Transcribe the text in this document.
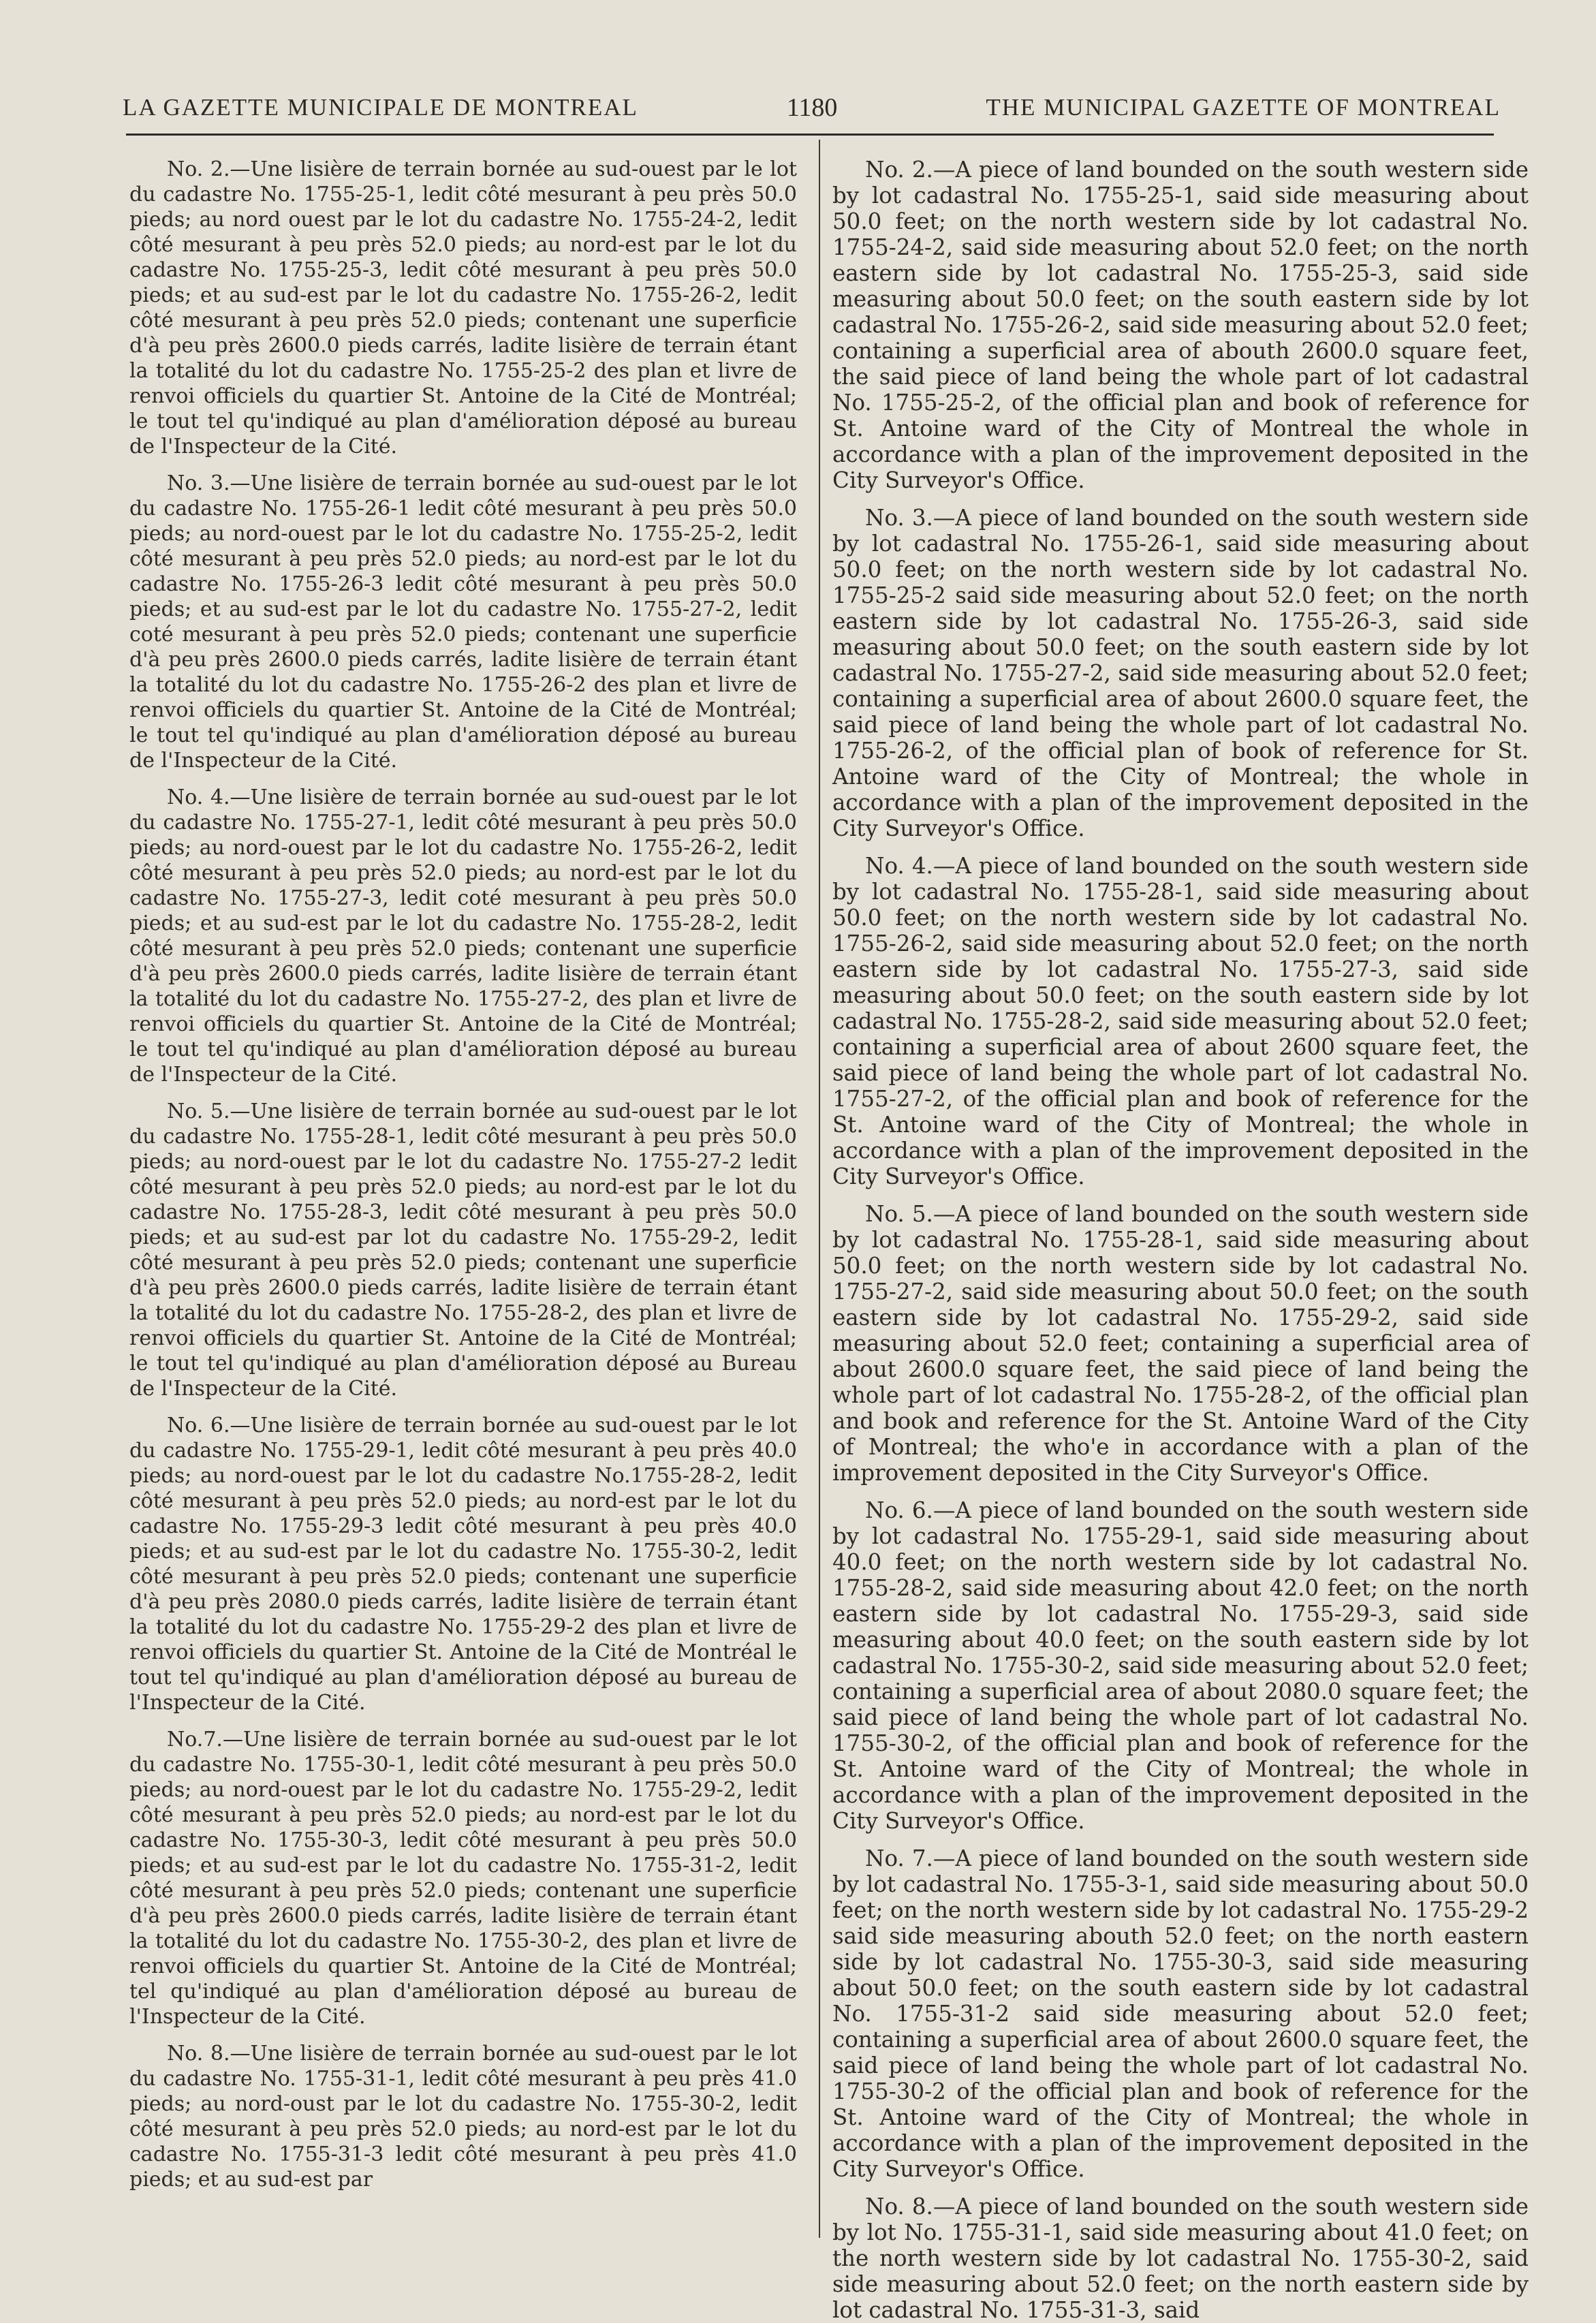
LA GAZETTE MUNICIPALE DE MONTREAL	1180	THE MUNICIPAL GAZETTE OF MONTREAL

No. 2.—Une lisière de terrain bornée au sud-ouest par le lot du cadastre No. 1755-25-1, ledit côté mesurant à peu près 50.0 pieds; au nord ouest par le lot du cadastre No. 1755-24-2, ledit côté mesurant à peu près 52.0 pieds; au nord-est par le lot du cadastre No. 1755-25-3, ledit côté mesurant à peu près 50.0 pieds; et au sud-est par le lot du cadastre No. 1755-26-2, ledit côté mesurant à peu près 52.0 pieds; contenant une superficie d'à peu près 2600.0 pieds carrés, ladite lisière de terrain étant la totalité du lot du cadastre No. 1755-25-2 des plan et livre de renvoi officiels du quartier St. Antoine de la Cité de Montréal; le tout tel qu'indiqué au plan d'amélioration déposé au bureau de l'Inspecteur de la Cité.

No. 3.—Une lisière de terrain bornée au sud-ouest par le lot du cadastre No. 1755-26-1 ledit côté mesurant à peu près 50.0 pieds; au nord-ouest par le lot du cadastre No. 1755-25-2, ledit côté mesurant à peu près 52.0 pieds; au nord-est par le lot du cadastre No. 1755-26-3 ledit côté mesurant à peu près 50.0 pieds; et au sud-est par le lot du cadastre No. 1755-27-2, ledit coté mesurant à peu près 52.0 pieds; contenant une superficie d'à peu près 2600.0 pieds carrés, ladite lisière de terrain étant la totalité du lot du cadastre No. 1755-26-2 des plan et livre de renvoi officiels du quartier St. Antoine de la Cité de Montréal; le tout tel qu'indiqué au plan d'amélioration déposé au bureau de l'Inspecteur de la Cité.

No. 4.—Une lisière de terrain bornée au sud-ouest par le lot du cadastre No. 1755-27-1, ledit côté mesurant à peu près 50.0 pieds; au nord-ouest par le lot du cadastre No. 1755-26-2, ledit côté mesurant à peu près 52.0 pieds; au nord-est par le lot du cadastre No. 1755-27-3, ledit coté mesurant à peu près 50.0 pieds; et au sud-est par le lot du cadastre No. 1755-28-2, ledit côté mesurant à peu près 52.0 pieds; contenant une superficie d'à peu près 2600.0 pieds carrés, ladite lisière de terrain étant la totalité du lot du cadastre No. 1755-27-2, des plan et livre de renvoi officiels du quartier St. Antoine de la Cité de Montréal; le tout tel qu'indiqué au plan d'amélioration déposé au bureau de l'Inspecteur de la Cité.

No. 5.—Une lisière de terrain bornée au sud-ouest par le lot du cadastre No. 1755-28-1, ledit côté mesurant à peu près 50.0 pieds; au nord-ouest par le lot du cadastre No. 1755-27-2 ledit côté mesurant à peu près 52.0 pieds; au nord-est par le lot du cadastre No. 1755-28-3, ledit côté mesurant à peu près 50.0 pieds; et au sud-est par lot du cadastre No. 1755-29-2, ledit côté mesurant à peu près 52.0 pieds; contenant une superficie d'à peu près 2600.0 pieds carrés, ladite lisière de terrain étant la totalité du lot du cadastre No. 1755-28-2, des plan et livre de renvoi officiels du quartier St. Antoine de la Cité de Montréal; le tout tel qu'indiqué au plan d'amélioration déposé au Bureau de l'Inspecteur de la Cité.

No. 6.—Une lisière de terrain bornée au sud-ouest par le lot du cadastre No. 1755-29-1, ledit côté mesurant à peu près 40.0 pieds; au nord-ouest par le lot du cadastre No.1755-28-2, ledit côté mesurant à peu près 52.0 pieds; au nord-est par le lot du cadastre No. 1755-29-3 ledit côté mesurant à peu près 40.0 pieds; et au sud-est par le lot du cadastre No. 1755-30-2, ledit côté mesurant à peu près 52.0 pieds; contenant une superficie d'à peu près 2080.0 pieds carrés, ladite lisière de terrain étant la totalité du lot du cadastre No. 1755-29-2 des plan et livre de renvoi officiels du quartier St. Antoine de la Cité de Montréal le tout tel qu'indiqué au plan d'amélioration déposé au bureau de l'Inspecteur de la Cité.

No.7.—Une lisière de terrain bornée au sud-ouest par le lot du cadastre No. 1755-30-1, ledit côté mesurant à peu près 50.0 pieds; au nord-ouest par le lot du cadastre No. 1755-29-2, ledit côté mesurant à peu près 52.0 pieds; au nord-est par le lot du cadastre No. 1755-30-3, ledit côté mesurant à peu près 50.0 pieds; et au sud-est par le lot du cadastre No. 1755-31-2, ledit côté mesurant à peu près 52.0 pieds; contenant une superficie d'à peu près 2600.0 pieds carrés, ladite lisière de terrain étant la totalité du lot du cadastre No. 1755-30-2, des plan et livre de renvoi officiels du quartier St. Antoine de la Cité de Montréal; tel qu'indiqué au plan d'amélioration déposé au bureau de l'Inspecteur de la Cité.

No. 8.—Une lisière de terrain bornée au sud-ouest par le lot du cadastre No. 1755-31-1, ledit côté mesurant à peu près 41.0 pieds; au nord-oust par le lot du cadastre No. 1755-30-2, ledit côté mesurant à peu près 52.0 pieds; au nord-est par le lot du cadastre No. 1755-31-3 ledit côté mesurant à peu près 41.0 pieds; et au sud-est par

No. 2.—A piece of land bounded on the south western side by lot cadastral No. 1755-25-1, said side measuring about 50.0 feet; on the north western side by lot cadastral No. 1755-24-2, said side measuring about 52.0 feet; on the north eastern side by lot cadastral No. 1755-25-3, said side measuring about 50.0 feet; on the south eastern side by lot cadastral No. 1755-26-2, said side measuring about 52.0 feet; containing a superficial area of abouth 2600.0 square feet, the said piece of land being the whole part of lot cadastral No. 1755-25-2, of the official plan and book of reference for St. Antoine ward of the City of Montreal the whole in accordance with a plan of the improvement deposited in the City Surveyor's Office.

No. 3.—A piece of land bounded on the south western side by lot cadastral No. 1755-26-1, said side measuring about 50.0 feet; on the north western side by lot cadastral No. 1755-25-2 said side measuring about 52.0 feet; on the north eastern side by lot cadastral No. 1755-26-3, said side measuring about 50.0 feet; on the south eastern side by lot cadastral No. 1755-27-2, said side measuring about 52.0 feet; containing a superficial area of about 2600.0 square feet, the said piece of land being the whole part of lot cadastral No. 1755-26-2, of the official plan of book of reference for St. Antoine ward of the City of Montreal; the whole in accordance with a plan of the improvement deposited in the City Surveyor's Office.

No. 4.—A piece of land bounded on the south western side by lot cadastral No. 1755-28-1, said side measuring about 50.0 feet; on the north western side by lot cadastral No. 1755-26-2, said side measuring about 52.0 feet; on the north eastern side by lot cadastral No. 1755-27-3, said side measuring about 50.0 feet; on the south eastern side by lot cadastral No. 1755-28-2, said side measuring about 52.0 feet; containing a superficial area of about 2600 square feet, the said piece of land being the whole part of lot cadastral No. 1755-27-2, of the official plan and book of reference for the St. Antoine ward of the City of Montreal; the whole in accordance with a plan of the improvement deposited in the City Surveyor's Office.

No. 5.—A piece of land bounded on the south western side by lot cadastral No. 1755-28-1, said side measuring about 50.0 feet; on the north western side by lot cadastral No. 1755-27-2, said side measuring about 50.0 feet; on the south eastern side by lot cadastral No. 1755-29-2, said side measuring about 52.0 feet; containing a superficial area of about 2600.0 square feet, the said piece of land being the whole part of lot cadastral No. 1755-28-2, of the official plan and book and reference for the St. Antoine Ward of the City of Montreal; the who'e in accordance with a plan of the improvement deposited in the City Surveyor's Office.

No. 6.—A piece of land bounded on the south western side by lot cadastral No. 1755-29-1, said side measuring about 40.0 feet; on the north western side by lot cadastral No. 1755-28-2, said side measuring about 42.0 feet; on the north eastern side by lot cadastral No. 1755-29-3, said side measuring about 40.0 feet; on the south eastern side by lot cadastral No. 1755-30-2, said side measuring about 52.0 feet; containing a superficial area of about 2080.0 square feet; the said piece of land being the whole part of lot cadastral No. 1755-30-2, of the official plan and book of reference for the St. Antoine ward of the City of Montreal; the whole in accordance with a plan of the improvement deposited in the City Surveyor's Office.

No. 7.—A piece of land bounded on the south western side by lot cadastral No. 1755-3-1, said side measuring about 50.0 feet; on the north western side by lot cadastral No. 1755-29-2 said side measuring abouth 52.0 feet; on the north eastern side by lot cadastral No. 1755-30-3, said side measuring about 50.0 feet; on the south eastern side by lot cadastral No. 1755-31-2 said side measuring about 52.0 feet; containing a superficial area of about 2600.0 square feet, the said piece of land being the whole part of lot cadastral No. 1755-30-2 of the official plan and book of reference for the St. Antoine ward of the City of Montreal; the whole in accordance with a plan of the improvement deposited in the City Surveyor's Office.

No. 8.—A piece of land bounded on the south western side by lot No. 1755-31-1, said side measuring about 41.0 feet; on the north western side by lot cadastral No. 1755-30-2, said side measuring about 52.0 feet; on the north eastern side by lot cadastral No. 1755-31-3, said
